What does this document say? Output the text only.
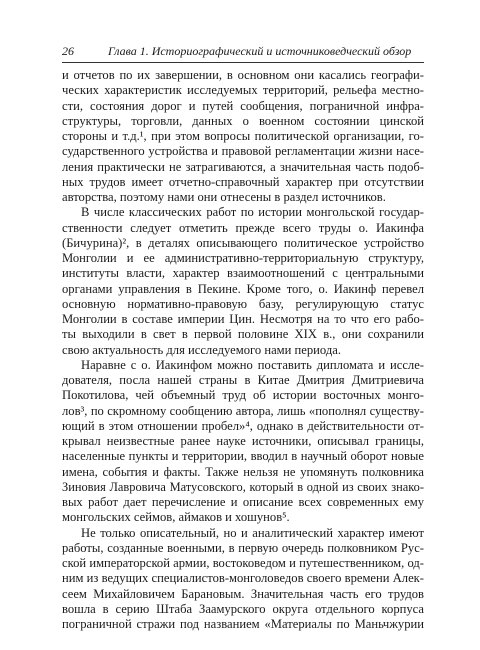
26	Глава 1. Историографический и источниковедческий обзор

и отчетов по их завершении, в основном они касались географи-
ческих характеристик исследуемых территорий, рельефа местно-
сти, состояния дорог и путей сообщения, пограничной инфра-
структуры, торговли, данных о военном состоянии цинской
стороны и т.д.¹, при этом вопросы политической организации, го-
сударственного устройства и правовой регламентации жизни насе-
ления практически не затрагиваются, а значительная часть подоб-
ных трудов имеет отчетно-справочный характер при отсутствии
авторства, поэтому нами они отнесены в раздел источников.

В числе классических работ по истории монгольской государ-
ственности следует отметить прежде всего труды о. Иакинфа
(Бичурина)², в деталях описывающего политическое устройство
Монголии и ее административно-территориальную структуру,
институты власти, характер взаимоотношений с центральными
органами управления в Пекине. Кроме того, о. Иакинф перевел
основную нормативно-правовую базу, регулирующую статус
Монголии в составе империи Цин. Несмотря на то что его рабо-
ты выходили в свет в первой половине XIX в., они сохранили
свою актуальность для исследуемого нами периода.

Наравне с о. Иакинфом можно поставить дипломата и иссле-
дователя, посла нашей страны в Китае Дмитрия Дмитриевича
Покотилова, чей объемный труд об истории восточных монго-
лов³, по скромному сообщению автора, лишь «пополнял существу-
ющий в этом отношении пробел»⁴, однако в действительности от-
крывал неизвестные ранее науке источники, описывал границы,
населенные пункты и территории, вводил в научный оборот новые
имена, события и факты. Также нельзя не упомянуть полковника
Зиновия Лавровича Матусовского, который в одной из своих знако-
вых работ дает перечисление и описание всех современных ему
монгольских сеймов, аймаков и хошунов⁵.

Не только описательный, но и аналитический характер имеют
работы, созданные военными, в первую очередь полковником Рус-
ской императорской армии, востоковедом и путешественником, од-
ним из ведущих специалистов-монголоведов своего времени Алек-
сеем Михайловичем Барановым. Значительная часть его трудов
вошла в серию Штаба Заамурского округа отдельного корпуса
пограничной стражи под названием «Материалы по Маньчжурии
